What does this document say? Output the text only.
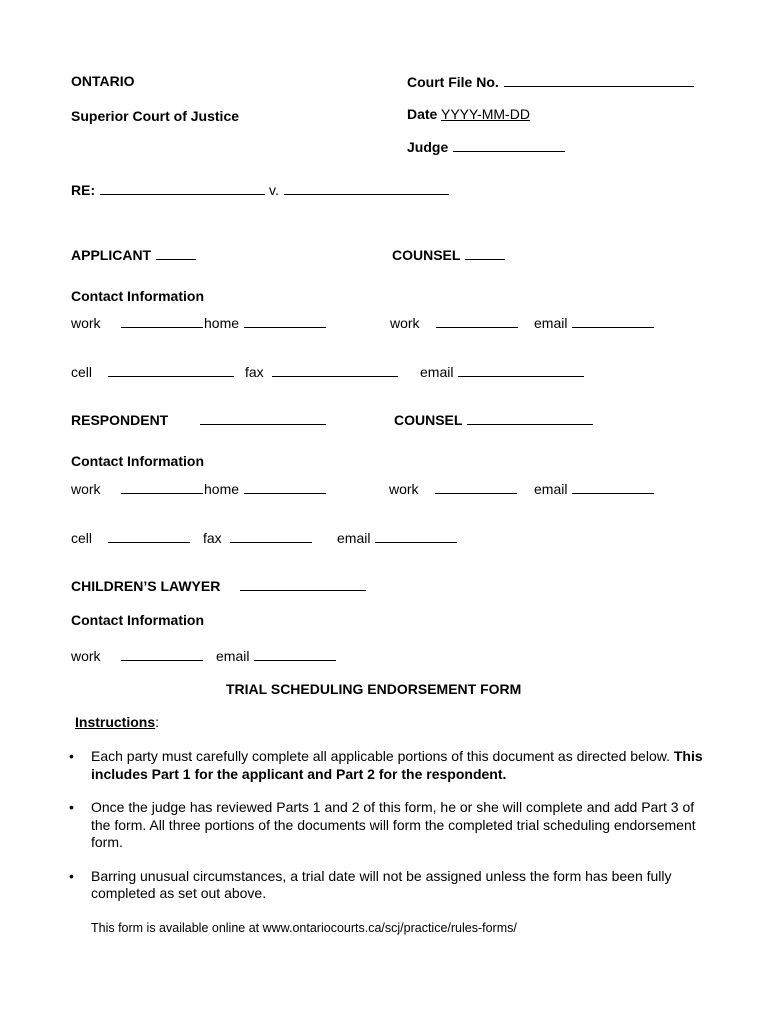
ONTARIO
Superior Court of Justice
Court File No.
Date YYYY-MM-DD
Judge
RE:	v.
APPLICANT	COUNSEL
Contact Information
work	home	work	email
cell	fax	email
RESPONDENT	COUNSEL
Contact Information
work	home	work	email
cell	fax	email
CHILDREN’S LAWYER
Contact Information
work	email
TRIAL SCHEDULING ENDORSEMENT FORM
Instructions:
• Each party must carefully complete all applicable portions of this document as directed below. This includes Part 1 for the applicant and Part 2 for the respondent.
• Once the judge has reviewed Parts 1 and 2 of this form, he or she will complete and add Part 3 of the form. All three portions of the documents will form the completed trial scheduling endorsement form.
• Barring unusual circumstances, a trial date will not be assigned unless the form has been fully completed as set out above.
This form is available online at www.ontariocourts.ca/scj/practice/rules-forms/
